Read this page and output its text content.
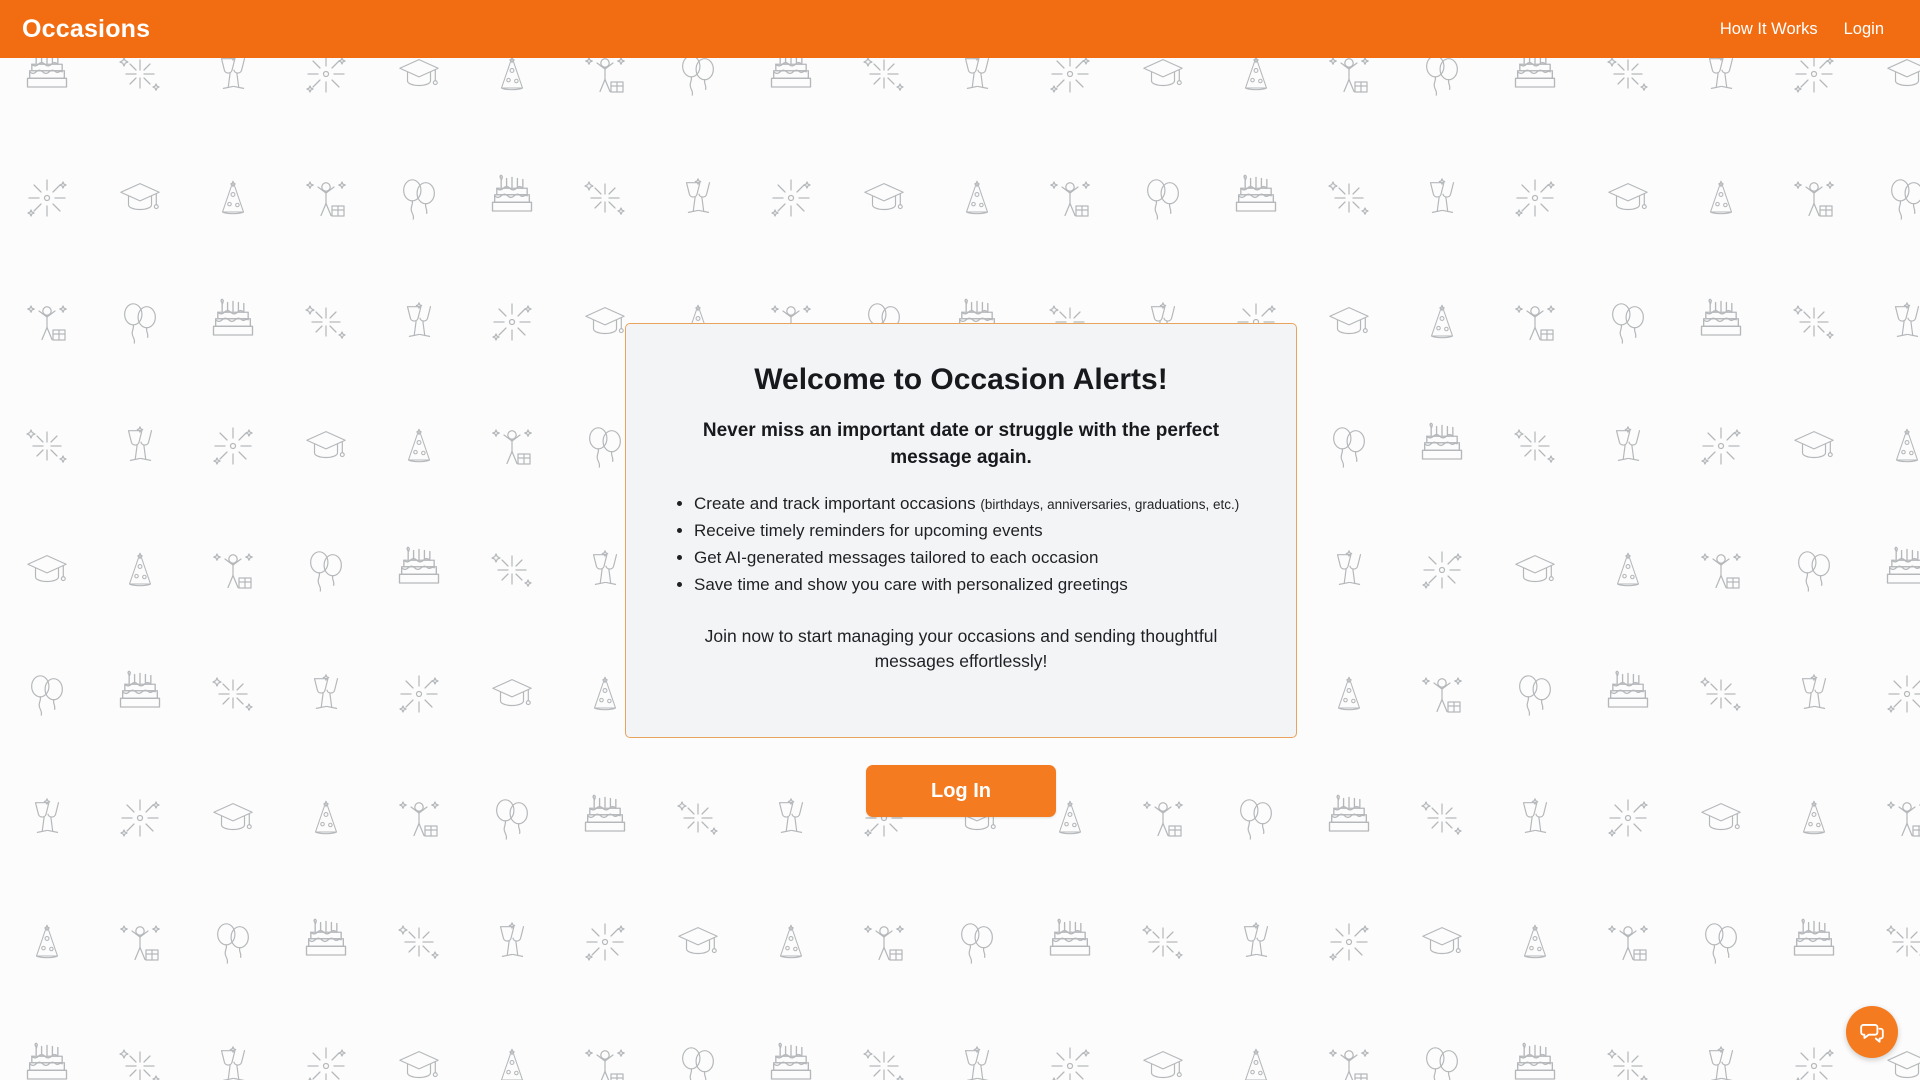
Occasions	How It Works Login
Welcome to Occasion Alerts!
Never miss an important date or struggle with the perfect message again.
• Create and track important occasions (birthdays, anniversaries, graduations, etc.)
• Receive timely reminders for upcoming events
• Get AI-generated messages tailored to each occasion
• Save time and show you care with personalized greetings
Join now to start managing your occasions and sending thoughtful messages effortlessly!
Log In
